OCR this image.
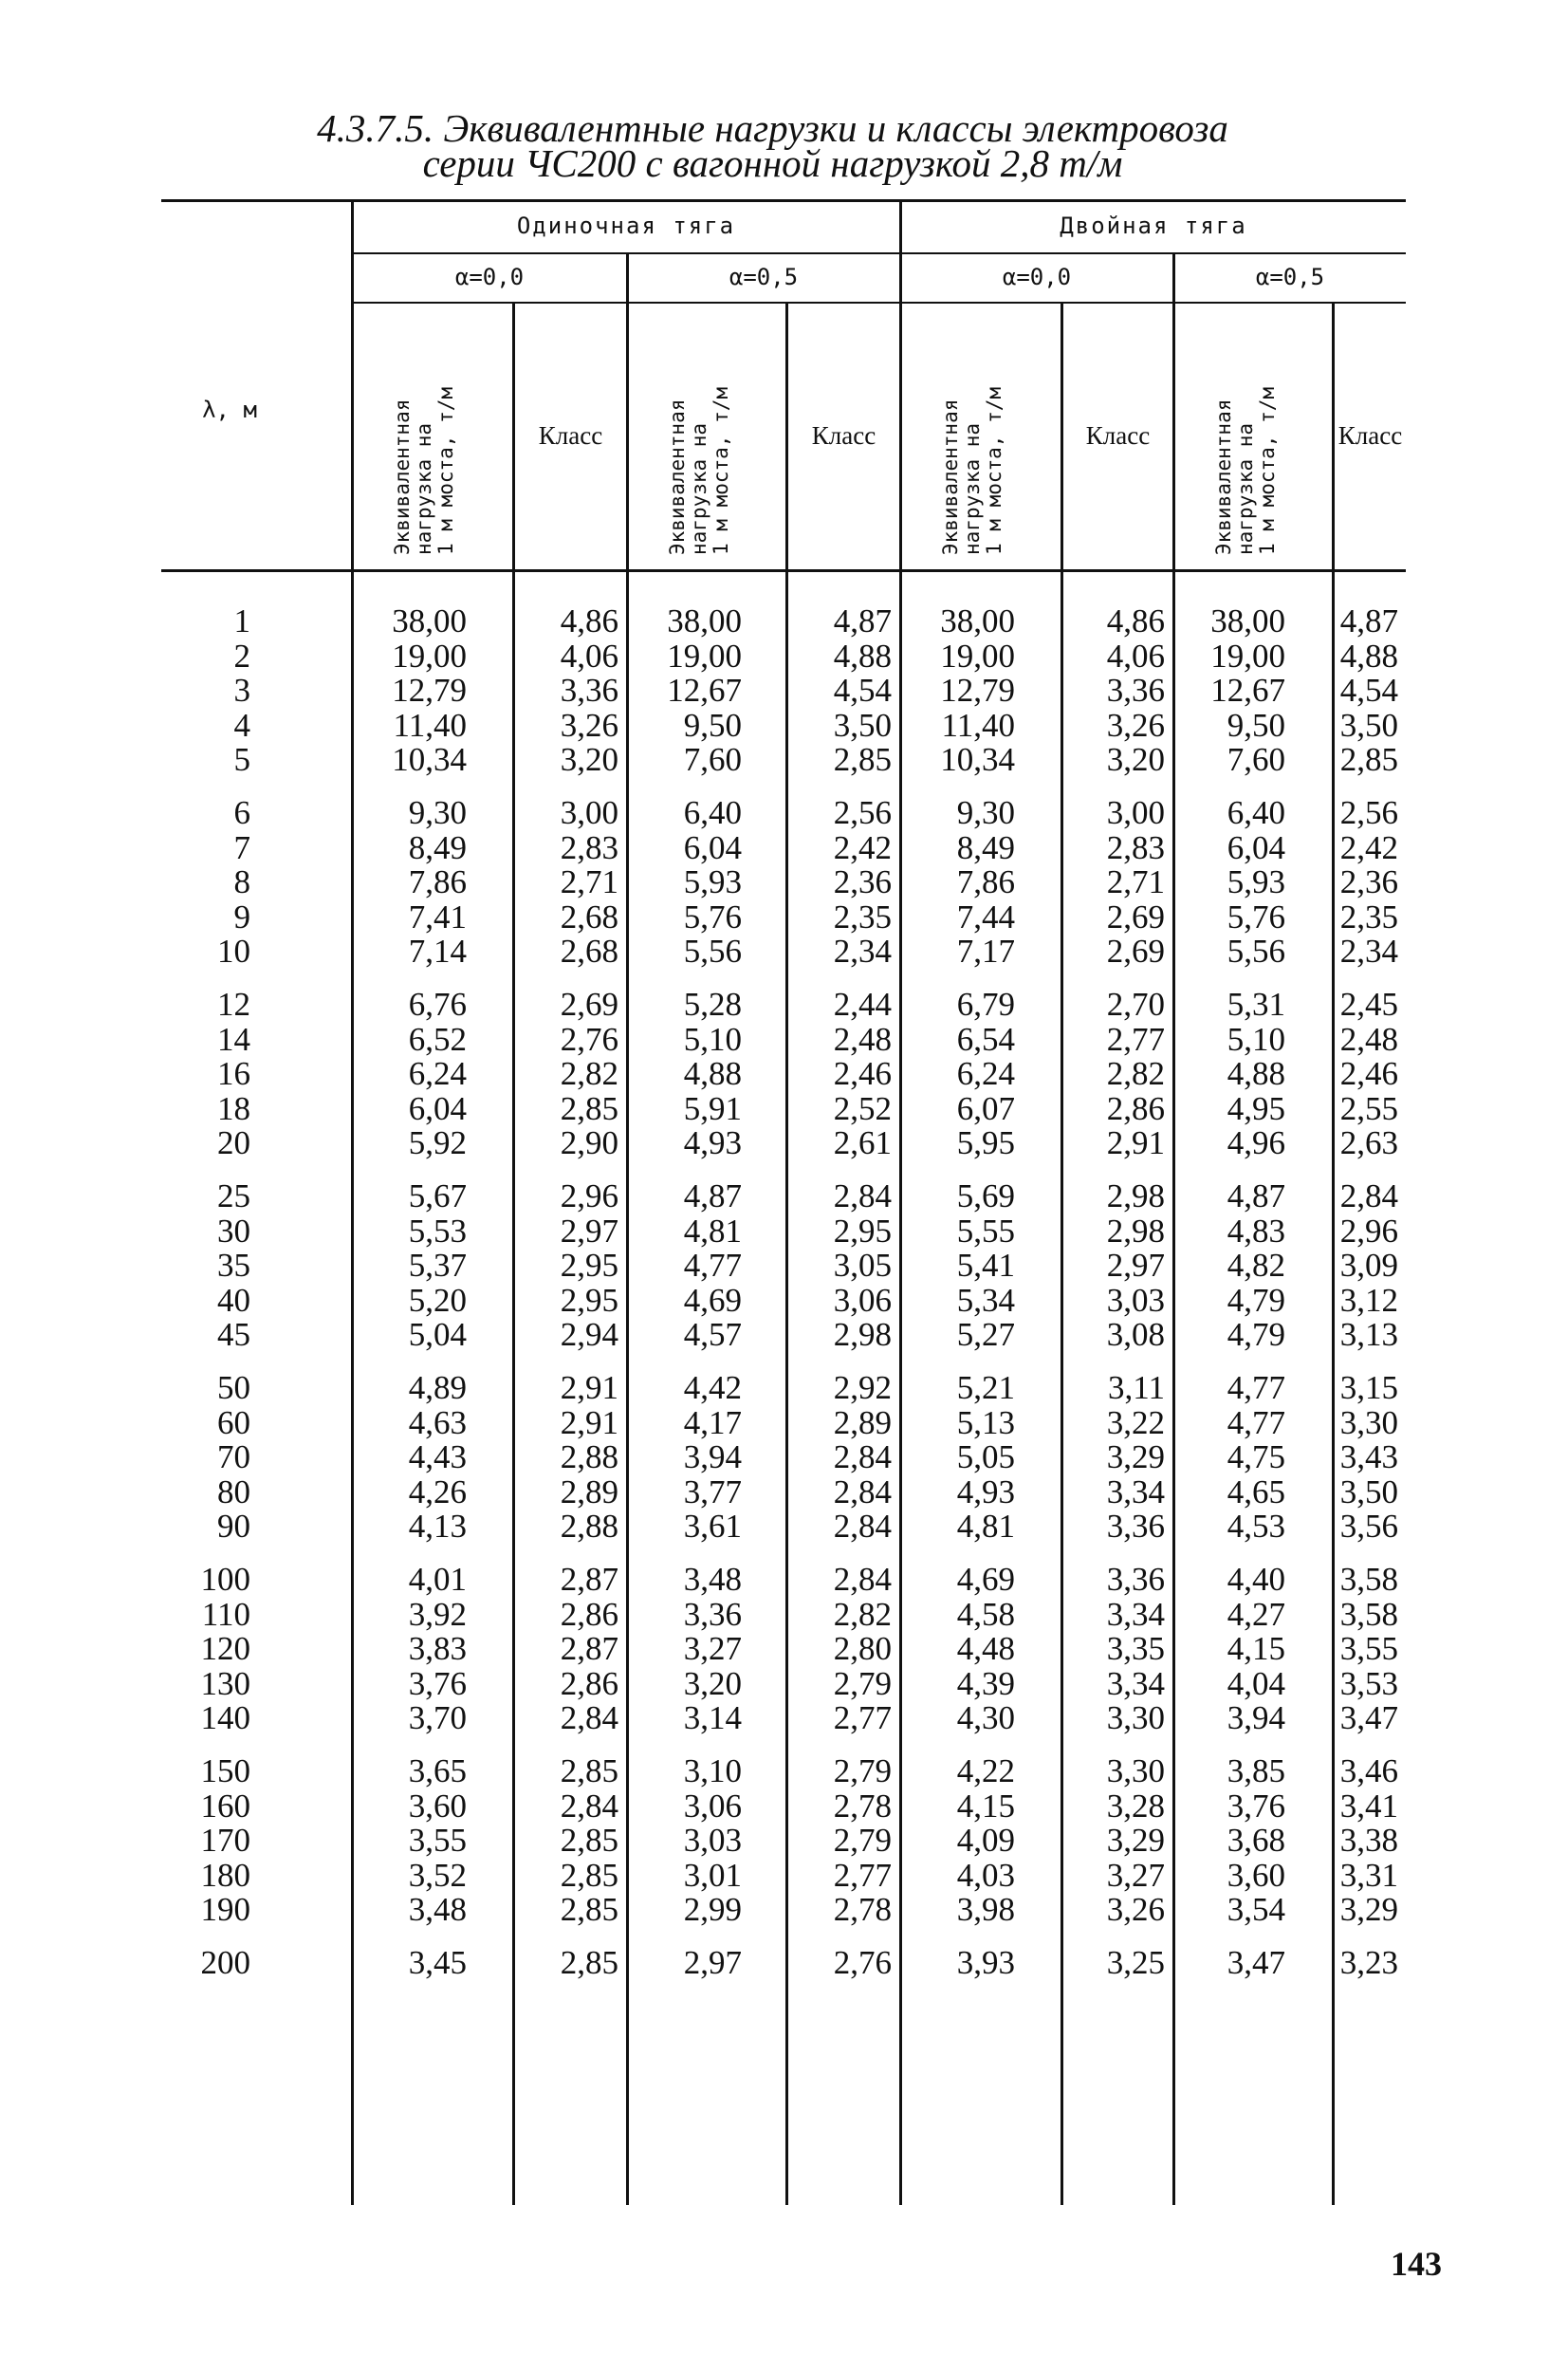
4.3.7.5. Эквивалентные нагрузки и классы электровоза
серии ЧС200 с вагонной нагрузкой 2,8 т/м
Одиночная тяга	Двойная тяга
α=0,0	α=0,5	α=0,0	α=0,5
λ, м	Эквивалентная
нагрузка на
1 м моста, т/м	Эквивалентная
нагрузка на
1 м моста, т/м	Эквивалентная
нагрузка на
1 м моста, т/м	Эквивалентная
нагрузка на
1 м моста, т/м
Класс	Класс	Класс	Класс
1	38,00	4,86	38,00	4,87	38,00	4,86	38,00 4,87
2	19,00	4,06	19,00	4,88	19,00	4,06	19,00 4,88
3	12,79	3,36	12,67	4,54	12,79	3,36	12,67 4,54
4	11,40	3,26	9,50	3,50	11,40	3,26	9,50 3,50
5	10,34	3,20	7,60	2,85	10,34	3,20	7,60 2,85
6	9,30	3,00	6,40	2,56	9,30	3,00	6,40 2,56
7	8,49	2,83	6,04	2,42	8,49	2,83	6,04 2,42
8	7,86	2,71	5,93	2,36	7,86	2,71	5,93 2,36
9	7,41	2,68	5,76	2,35	7,44	2,69	5,76 2,35
10	7,14	2,68	5,56	2,34	7,17	2,69	5,56 2,34
12	6,76	2,69	5,28	2,44	6,79	2,70	5,31 2,45
14	6,52	2,76	5,10	2,48	6,54	2,77	5,10 2,48
16	6,24	2,82	4,88	2,46	6,24	2,82	4,88 2,46
18	6,04	2,85	5,91	2,52	6,07	2,86	4,95 2,55
20	5,92	2,90	4,93	2,61	5,95	2,91	4,96 2,63
25	5,67	2,96	4,87	2,84	5,69	2,98	4,87 2,84
30	5,53	2,97	4,81	2,95	5,55	2,98	4,83 2,96
35	5,37	2,95	4,77	3,05	5,41	2,97	4,82 3,09
40	5,20	2,95	4,69	3,06	5,34	3,03	4,79 3,12
45	5,04	2,94	4,57	2,98	5,27	3,08	4,79 3,13
50	4,89	2,91	4,42	2,92	5,21	3,11	4,77 3,15
60	4,63	2,91	4,17	2,89	5,13	3,22	4,77 3,30
70	4,43	2,88	3,94	2,84	5,05	3,29	4,75 3,43
80	4,26	2,89	3,77	2,84	4,93	3,34	4,65 3,50
90	4,13	2,88	3,61	2,84	4,81	3,36	4,53 3,56
100	4,01	2,87	3,48	2,84	4,69	3,36	4,40 3,58
110	3,92	2,86	3,36	2,82	4,58	3,34	4,27 3,58
120	3,83	2,87	3,27	2,80	4,48	3,35	4,15 3,55
130	3,76	2,86	3,20	2,79	4,39	3,34	4,04 3,53
140	3,70	2,84	3,14	2,77	4,30	3,30	3,94 3,47
150	3,65	2,85	3,10	2,79	4,22	3,30	3,85 3,46
160	3,60	2,84	3,06	2,78	4,15	3,28	3,76 3,41
170	3,55	2,85	3,03	2,79	4,09	3,29	3,68 3,38
180	3,52	2,85	3,01	2,77	4,03	3,27	3,60 3,31
190	3,48	2,85	2,99	2,78	3,98	3,26	3,54 3,29
200	3,45	2,85	2,97	2,76	3,93	3,25	3,47 3,23
143
